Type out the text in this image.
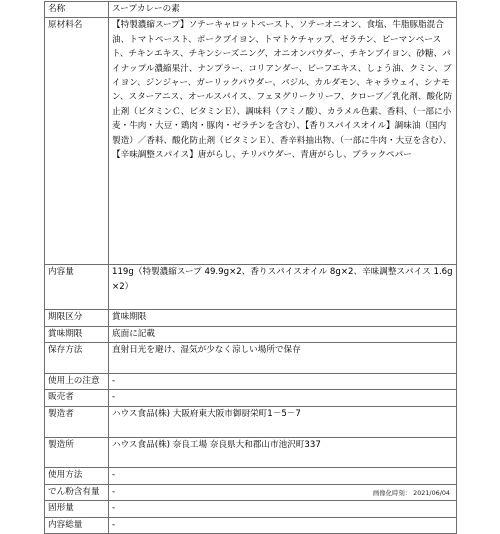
名称	スープカレーの素
原材料名	【特製濃縮スープ】ソテーキャロットペースト、ソテーオニオン、食塩、牛脂豚脂混合油、トマトペースト、ポークブイヨン、トマトケチャップ、ゼラチン、ピーマンペースト、チキンエキス、チキンシーズニング、オニオンパウダー、チキンブイヨン、砂糖、パイナップル濃縮果汁、ナンプラー、コリアンダー、ビーフエキス、しょう油、クミン、ブイヨン、ジンジャー、ガーリックパウダー、バジル、カルダモン、キャラウェイ、シナモン、スターアニス、オールスパイス、フェヌグリークリーフ、クローブ／乳化剤、酸化防止剤（ビタミンＣ、ビタミンＥ）、調味料（アミノ酸）、カラメル色素、香料、（一部に小麦・牛肉・大豆・鶏肉・豚肉・ゼラチンを含む）、【香りスパイスオイル】調味油（国内製造）／香料、酸化防止剤（ビタミンＥ）、香辛料抽出物、（一部に牛肉・大豆を含む）、【辛味調整スパイス】唐がらし、チリパウダー、青唐がらし、ブラックペパー
内容量	119g（特製濃縮スープ 49.9g×2、香りスパイスオイル 8g×2、辛味調整スパイス 1.6g×2）
期限区分	賞味期限
賞味期限	底面に記載
保存方法	直射日光を避け、湿気が少なく涼しい場所で保存
使用上の注意	-
販売者	-
製造者	ハウス食品(株) 大阪府東大阪市御厨栄町1－5－7
製造所	ハウス食品(株) 奈良工場 奈良県大和郡山市池沢町337
使用方法	-
でん粉含有量	-
固形量	-
内容総量	-
画像化時刻： 2021/06/04
